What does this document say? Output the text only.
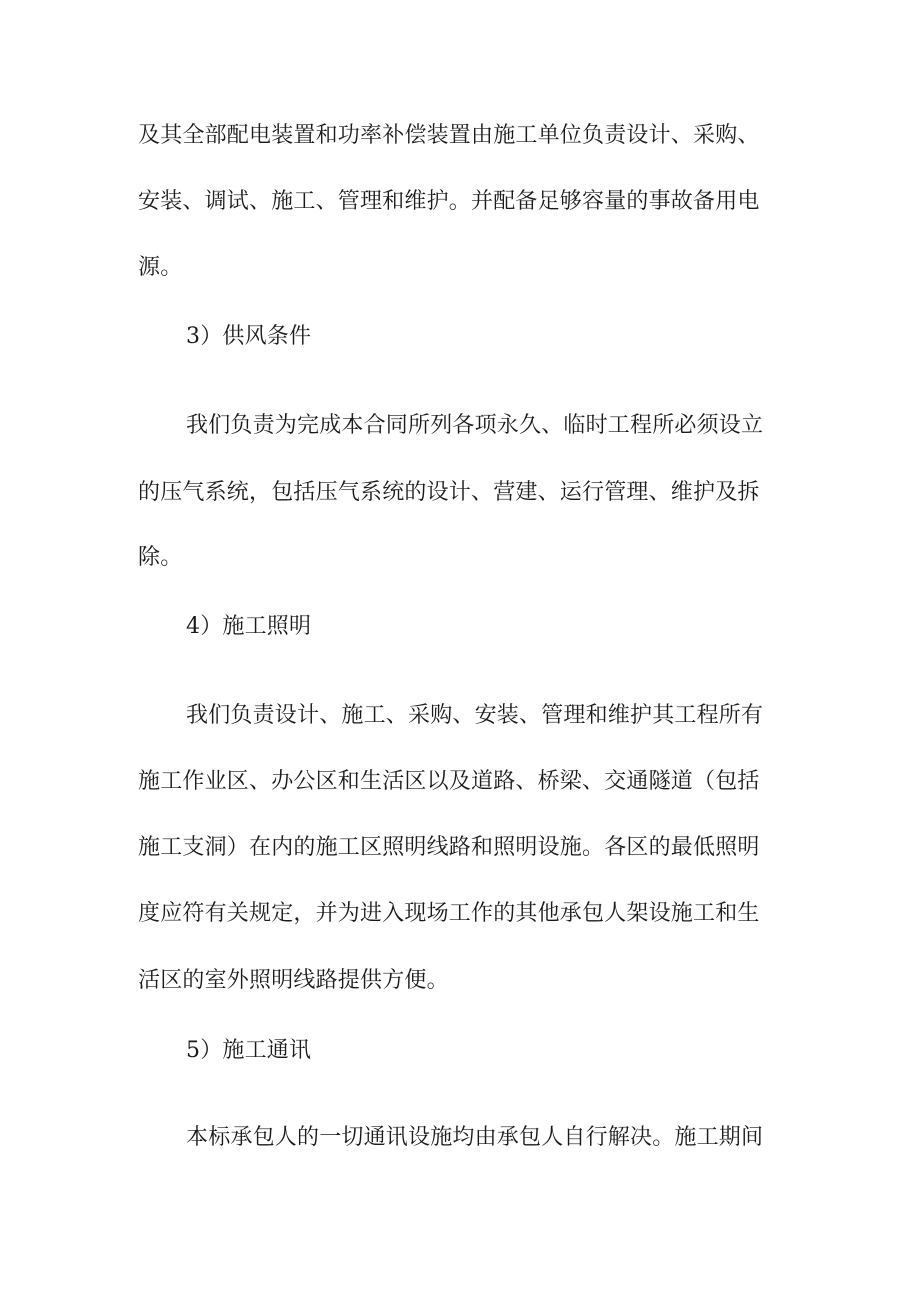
及其全部配电装置和功率补偿装置由施工单位负责设计、采购、
安装、调试、施工、管理和维护。并配备足够容量的事故备用电
源。
3）供风条件
我们负责为完成本合同所列各项永久、临时工程所必须设立
的压气系统，包括压气系统的设计、营建、运行管理、维护及拆
除。
4）施工照明
我们负责设计、施工、采购、安装、管理和维护其工程所有
施工作业区、办公区和生活区以及道路、桥梁、交通隧道（包括
施工支洞）在内的施工区照明线路和照明设施。各区的最低照明
度应符有关规定，并为进入现场工作的其他承包人架设施工和生
活区的室外照明线路提供方便。
5）施工通讯
本标承包人的一切通讯设施均由承包人自行解决。施工期间
